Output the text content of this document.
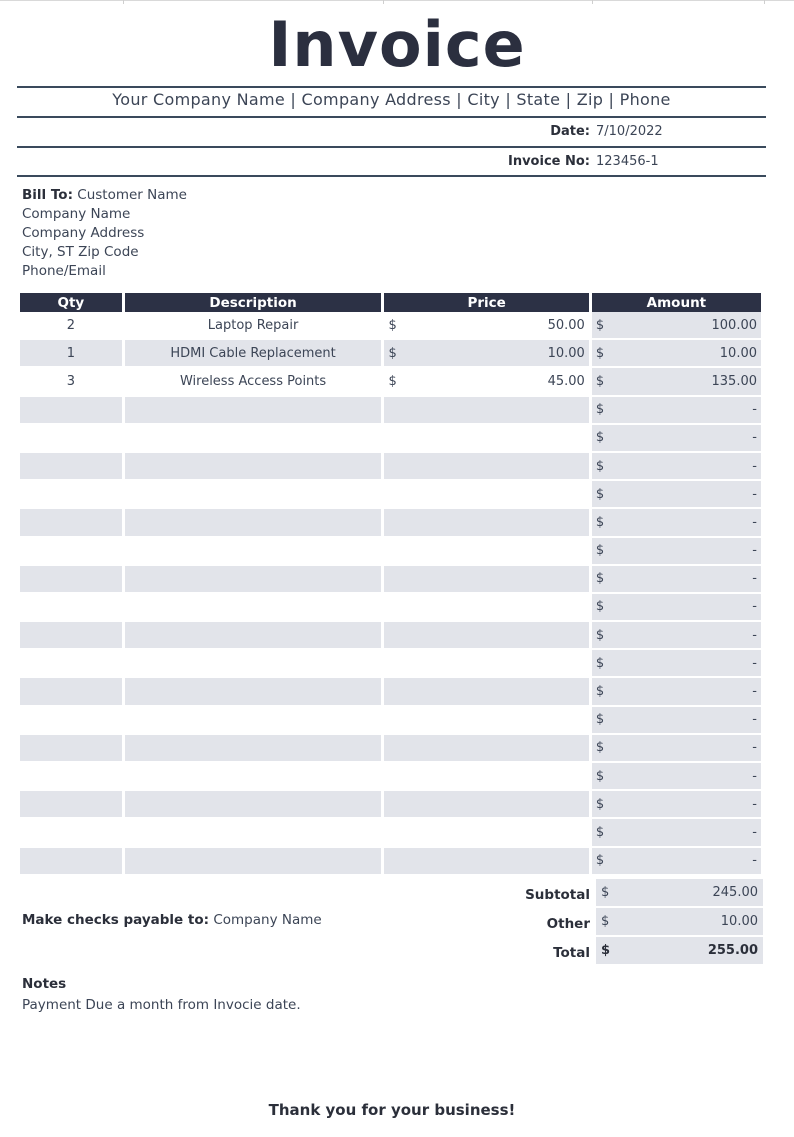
Invoice
Your Company Name | Company Address | City | State | Zip | Phone
Date: 7/10/2022
Invoice No: 123456-1
Bill To: Customer Name
Company Name
Company Address
City, ST Zip Code
Phone/Email
Qty	Description	Price	Amount
2	Laptop Repair	$ 50.00	$ 100.00

1	HDMI Cable Replacement	$ 10.00	$ 10.00

3	Wireless Access Points	$ 45.00	$ 135.00

			$ -

			$ -

			$ -

			$ -

			$ -

			$ -

			$ -

			$ -

			$ -

			$ -

			$ -

			$ -

			$ -

			$ -

			$ -

			$ -

			$ -
Subtotal $	245.00
Other $	10.00
Total $	255.00
Make checks payable to: Company Name
Notes
Payment Due a month from Invocie date.
Thank you for your business!
